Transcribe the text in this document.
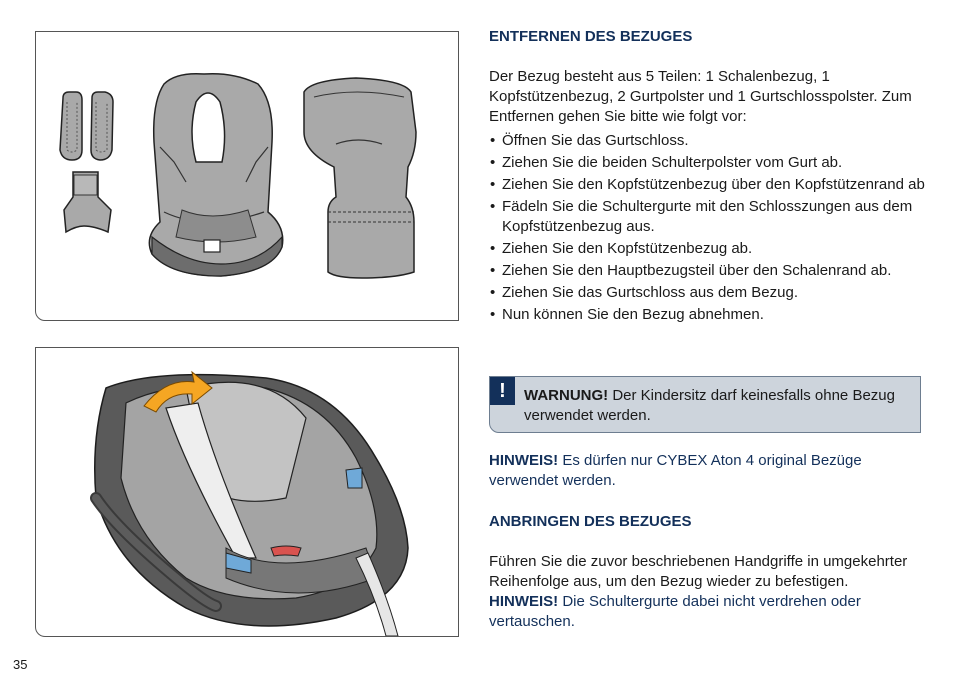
35
ENTFERNEN DES BEZUGES

Der Bezug besteht aus 5 Teilen: 1 Schalenbezug, 1 Kopfstützenbezug, 2 Gurtpolster und 1 Gurtschlosspolster. Zum Entfernen gehen Sie bitte wie folgt vor:

• Öffnen Sie das Gurtschloss.
• Ziehen Sie die beiden Schulterpolster vom Gurt ab.
• Ziehen Sie den Kopfstützenbezug über den Kopfstützenrand ab
• Fädeln Sie die Schultergurte mit den Schlosszungen aus dem Kopfstützenbezug aus.
• Ziehen Sie den Kopfstützenbezug ab.
• Ziehen Sie den Hauptbezugsteil über den Schalenrand ab.
• Ziehen Sie das Gurtschloss aus dem Bezug.
• Nun können Sie den Bezug abnehmen.
!	WARNUNG! Der Kindersitz darf keinesfalls ohne Bezug verwendet werden.
HINWEIS! Es dürfen nur CYBEX Aton 4 original Bezüge verwendet werden.
ANBRINGEN DES BEZUGES

Führen Sie die zuvor beschriebenen Handgriffe in umgekehrter Reihenfolge aus, um den Bezug wieder zu befestigen.

HINWEIS! Die Schultergurte dabei nicht verdrehen oder vertauschen.
